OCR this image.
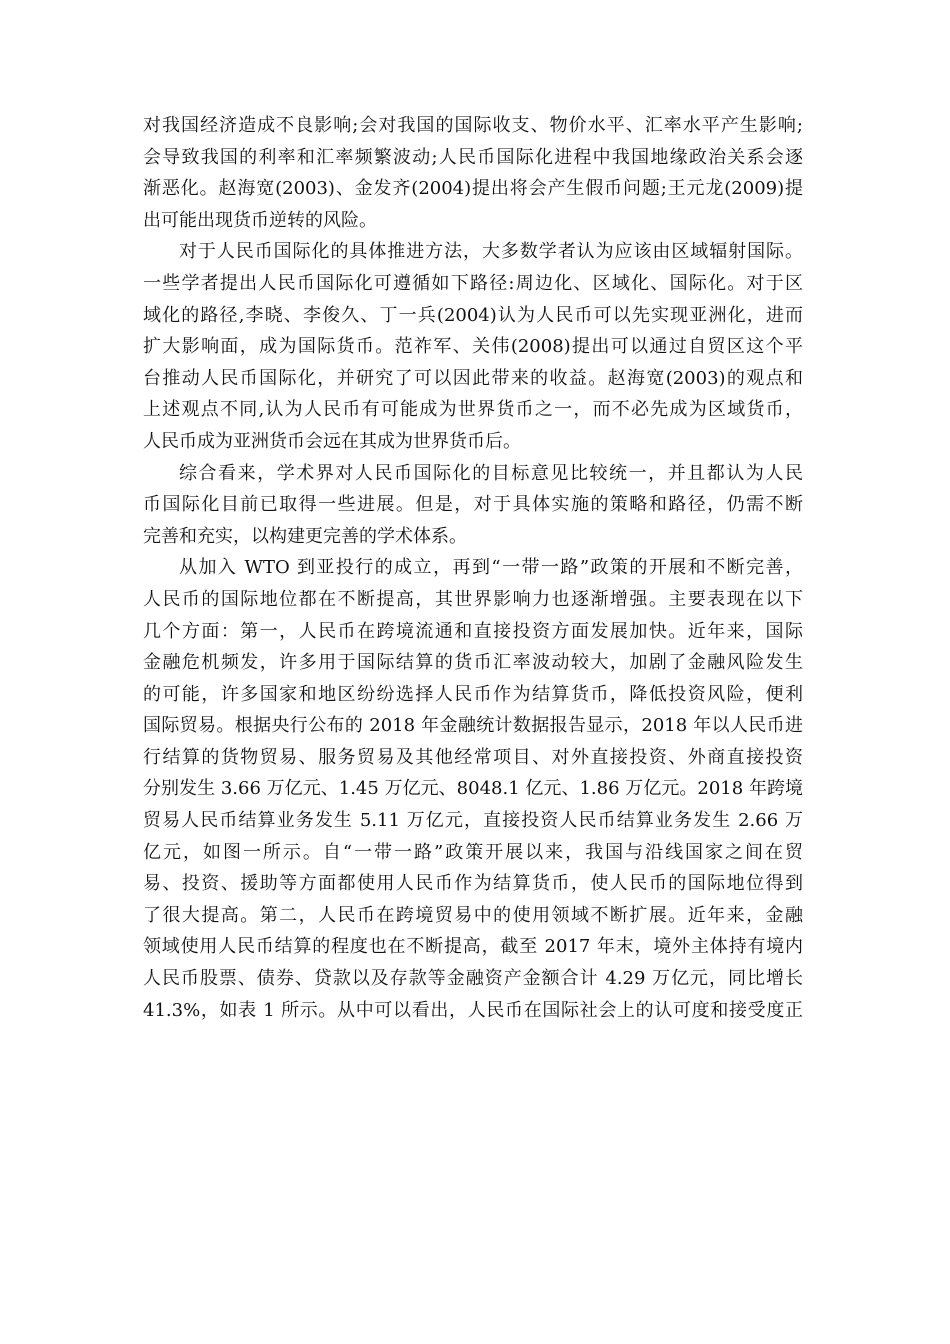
对我国经济造成不良影响;会对我国的国际收支、物价水平、汇率水平产生影响;
会导致我国的利率和汇率频繁波动;人民币国际化进程中我国地缘政治关系会逐
渐恶化。赵海宽(2003)、金发齐(2004)提出将会产生假币问题;王元龙(2009)提
出可能出现货币逆转的风险。
对于人民币国际化的具体推进方法，大多数学者认为应该由区域辐射国际。
一些学者提出人民币国际化可遵循如下路径:周边化、区域化、国际化。对于区
域化的路径,李晓、李俊久、丁一兵(2004)认为人民币可以先实现亚洲化，进而
扩大影响面，成为国际货币。范祚军、关伟(2008)提出可以通过自贸区这个平
台推动人民币国际化，并研究了可以因此带来的收益。赵海宽(2003)的观点和
上述观点不同,认为人民币有可能成为世界货币之一，而不必先成为区域货币，
人民币成为亚洲货币会远在其成为世界货币后。
综合看来，学术界对人民币国际化的目标意见比较统一，并且都认为人民
币国际化目前已取得一些进展。但是，对于具体实施的策略和路径，仍需不断
完善和充实，以构建更完善的学术体系。
从加入 WTO 到亚投行的成立，再到“一带一路”政策的开展和不断完善，
人民币的国际地位都在不断提高，其世界影响力也逐渐增强。主要表现在以下
几个方面：第一，人民币在跨境流通和直接投资方面发展加快。近年来，国际
金融危机频发，许多用于国际结算的货币汇率波动较大，加剧了金融风险发生
的可能，许多国家和地区纷纷选择人民币作为结算货币，降低投资风险，便利
国际贸易。根据央行公布的 2018 年金融统计数据报告显示，2018 年以人民币进
行结算的货物贸易、服务贸易及其他经常项目、对外直接投资、外商直接投资
分别发生 3.66 万亿元、1.45 万亿元、8048.1 亿元、1.86 万亿元。2018 年跨境
贸易人民币结算业务发生 5.11 万亿元，直接投资人民币结算业务发生 2.66 万
亿元，如图一所示。自“一带一路”政策开展以来，我国与沿线国家之间在贸
易、投资、援助等方面都使用人民币作为结算货币，使人民币的国际地位得到
了很大提高。第二，人民币在跨境贸易中的使用领域不断扩展。近年来，金融
领域使用人民币结算的程度也在不断提高，截至 2017 年末，境外主体持有境内
人民币股票、债券、贷款以及存款等金融资产金额合计 4.29 万亿元，同比增长
41.3%，如表 1 所示。从中可以看出，人民币在国际社会上的认可度和接受度正
